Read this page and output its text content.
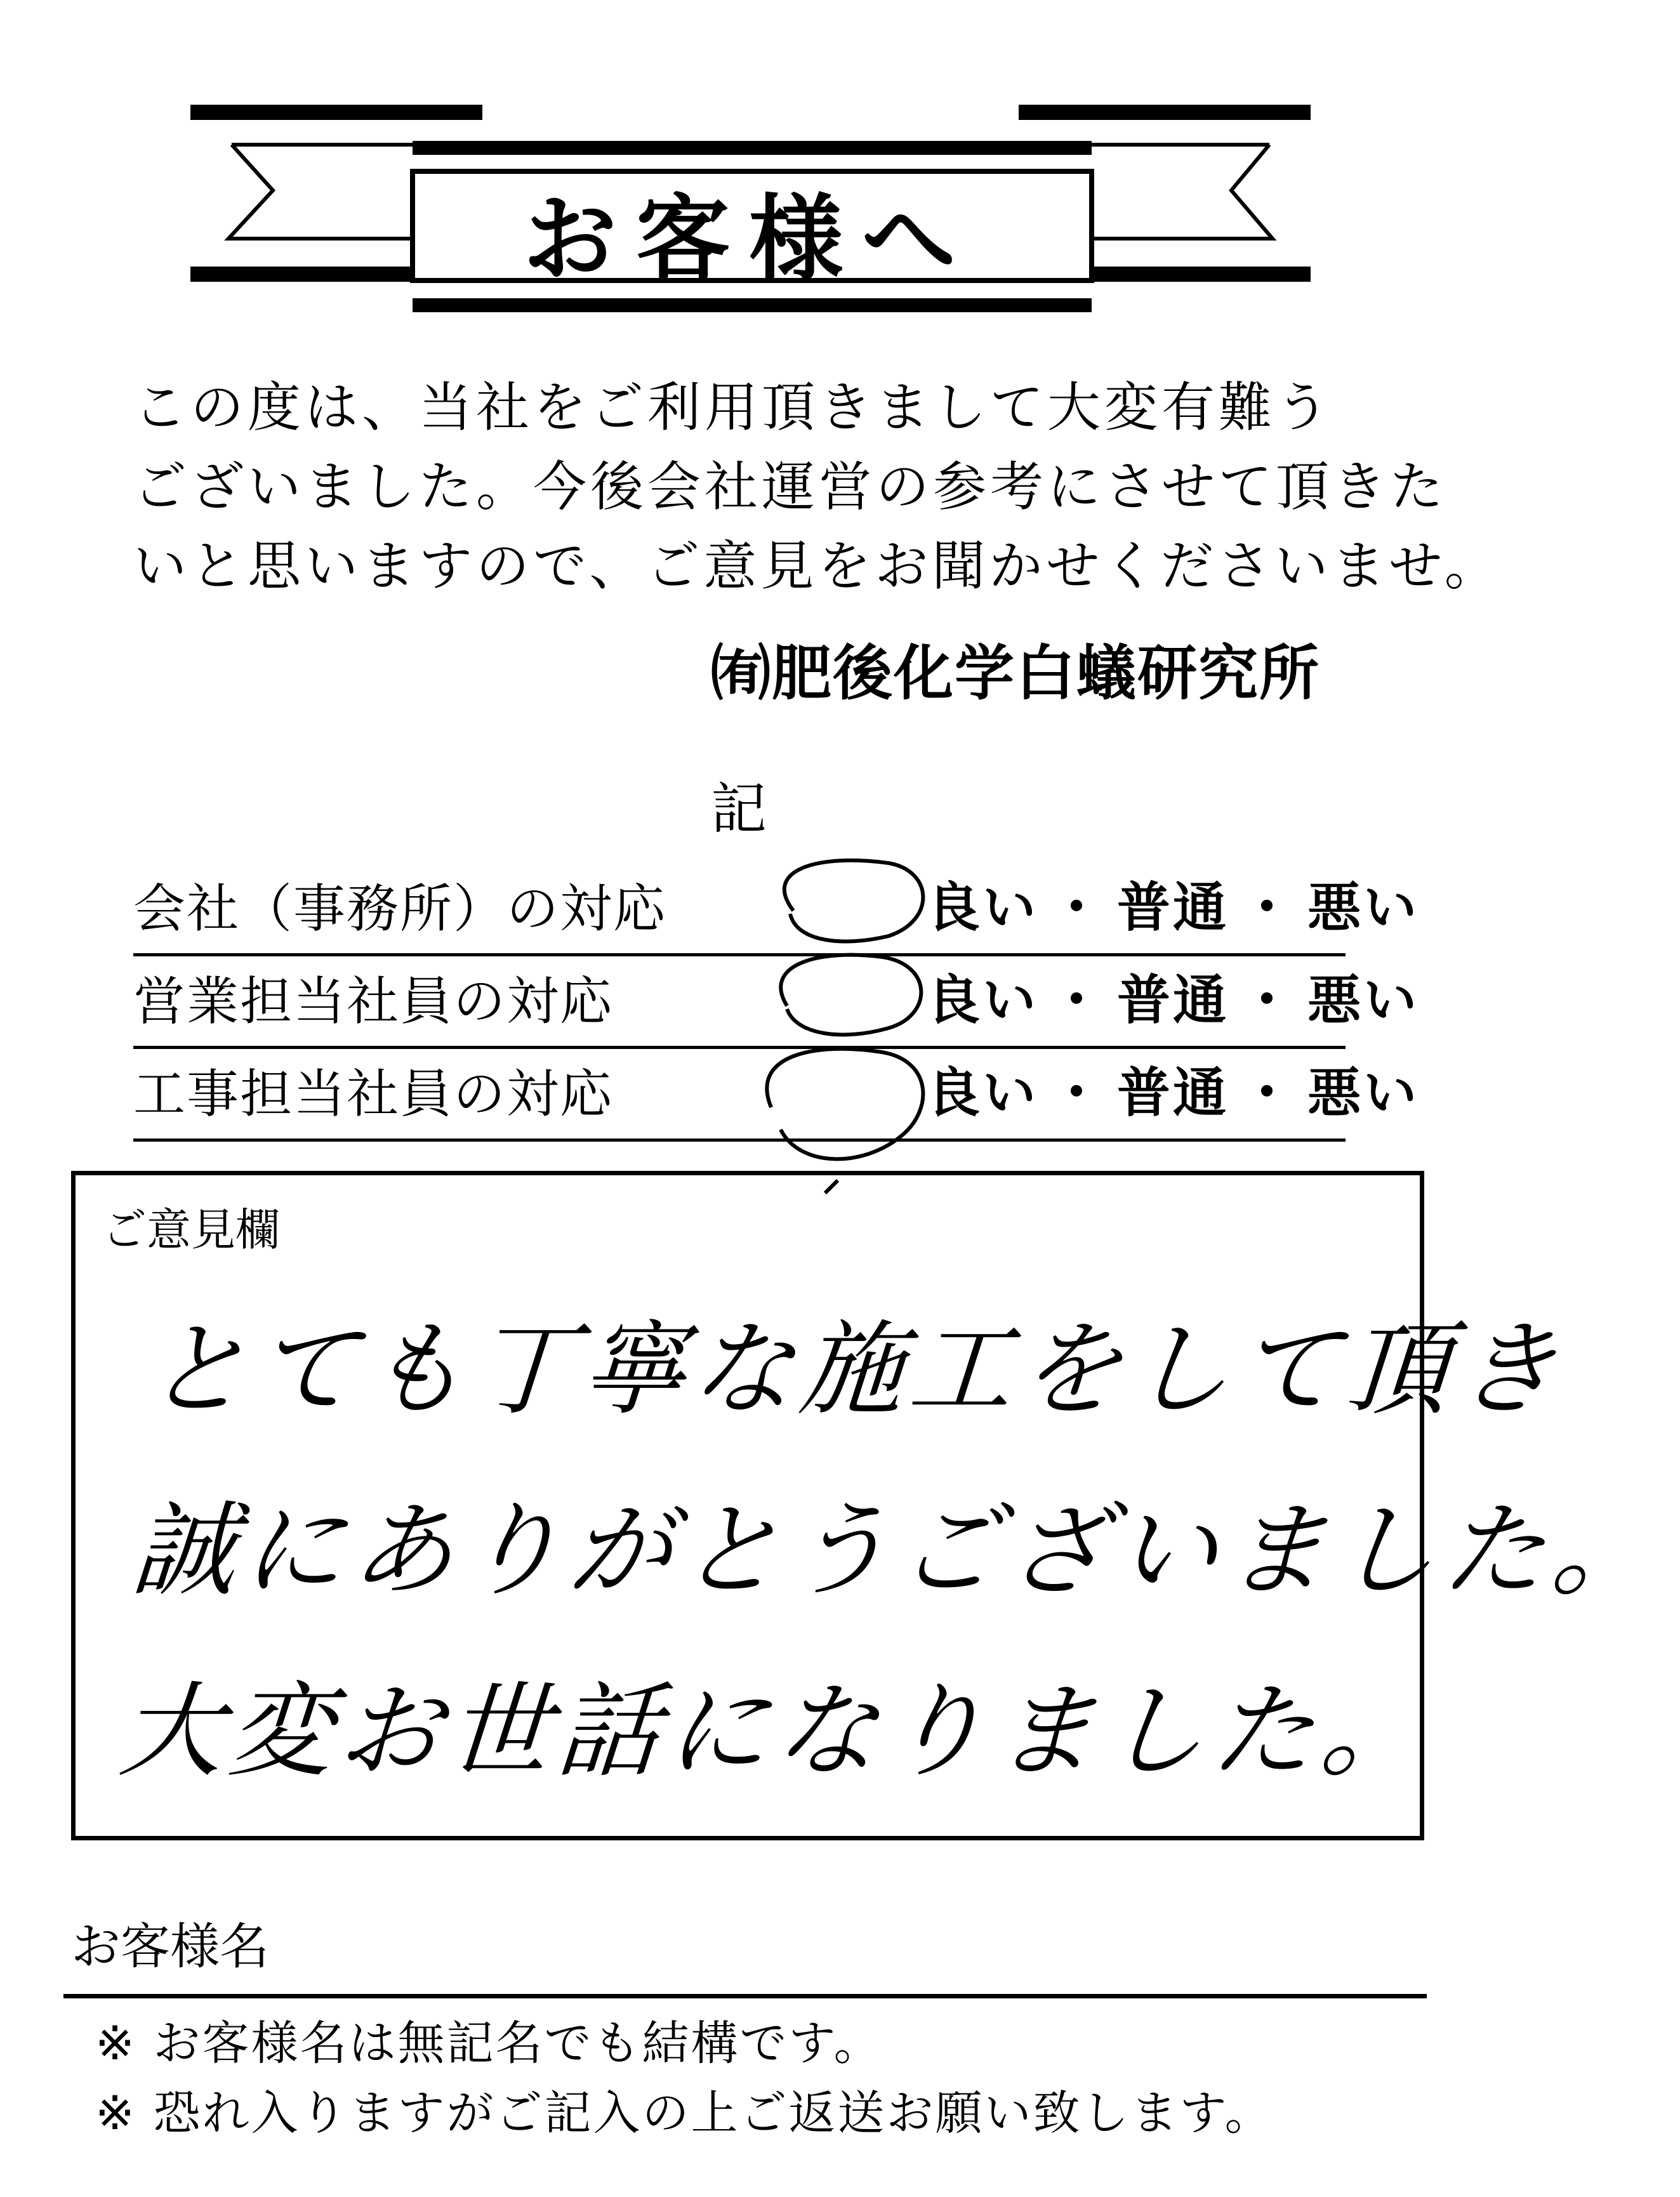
お客様へ
この度は、当社をご利用頂きまして大変有難う
ございました。今後会社運営の参考にさせて頂きた
いと思いますので、ご意見をお聞かせくださいませ。
㈲肥後化学白蟻研究所
記
会社（事務所）の対応	良い ・ 普通 ・ 悪い
営業担当社員の対応	良い ・ 普通 ・ 悪い
工事担当社員の対応	良い ・ 普通 ・ 悪い
ご意見欄
とても丁寧な施工をして頂き
誠にありがとうございました。
大変お世話になりました。
お客様名
※ お客様名は無記名でも結構です。
※ 恐れ入りますがご記入の上ご返送お願い致します。
